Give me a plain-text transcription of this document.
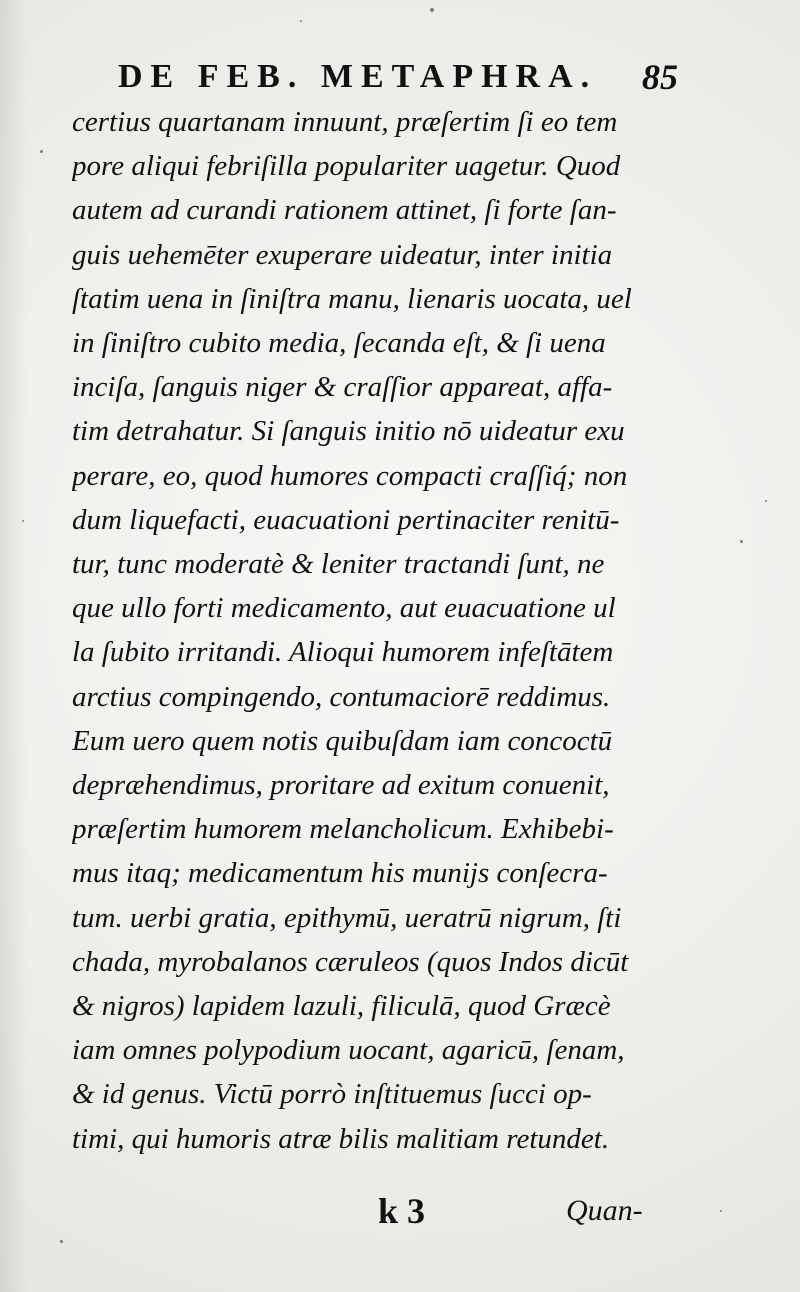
DE FEB. METAPHRA. 85
certius quartanam innuunt, præſertim ſi eo tem
pore aliqui febriſilla populariter uagetur. Quod
autem ad curandi rationem attinet, ſi forte ſan-
guis uehemēter exuperare uideatur, inter initia
ſtatim uena in ſiniſtra manu, lienaris uocata, uel
in ſiniſtro cubito media, ſecanda eſt, & ſi uena
inciſa, ſanguis niger & craſſior appareat, affa-
tim detrahatur. Si ſanguis initio nō uideatur exu
perare, eo, quod humores compacti craſſiq́; non
dum liquefacti, euacuationi pertinaciter renitū-
tur, tunc moderatè & leniter tractandi ſunt, ne
que ullo forti medicamento, aut euacuatione ul
la ſubito irritandi. Alioqui humorem infeſtātem
arctius compingendo, contumaciorē reddimus.
Eum uero quem notis quibuſdam iam concoctū
depræhendimus, proritare ad exitum conuenit,
præſertim humorem melancholicum. Exhibebi-
mus itaq; medicamentum his munijs conſecra-
tum. uerbi gratia, epithymū, ueratrū nigrum, ſti
chada, myrobalanos cæruleos (quos Indos dicūt
& nigros) lapidem lazuli, filiculā, quod Græcè
iam omnes polypodium uocant, agaricū, ſenam,
& id genus. Victū porrò inſtituemus ſucci op-
timi, qui humoris atræ bilis malitiam retundet.
k 3	Quan-
